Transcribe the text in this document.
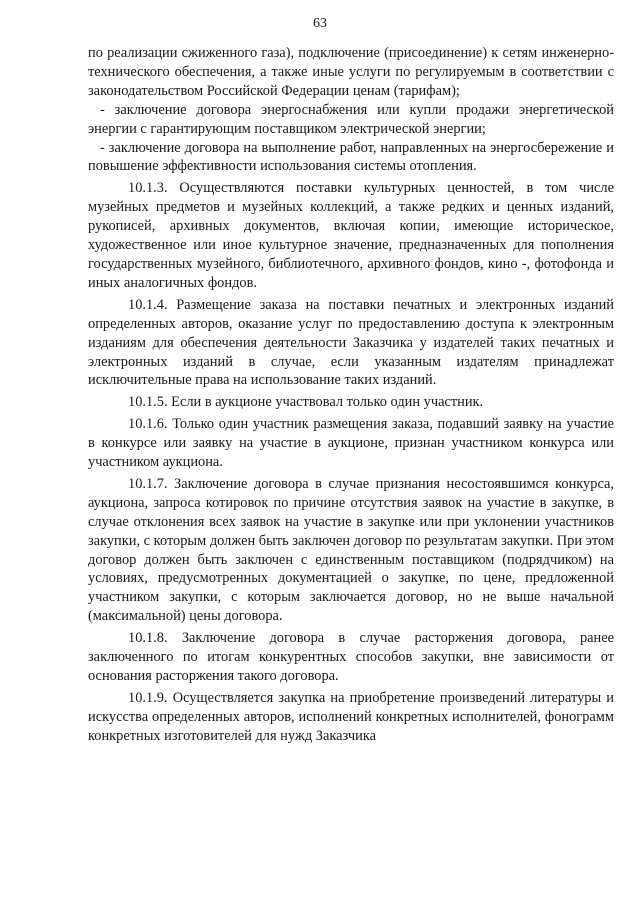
63

по реализации сжиженного газа), подключение (присоединение) к сетям инженерно-технического обеспечения, а также иные услуги по регулируемым в соответствии с законодательством Российской Федерации ценам (тарифам);

- заключение договора энергоснабжения или купли продажи энергетической энергии с гарантирующим поставщиком электрической энергии;

- заключение договора на выполнение работ, направленных на энергосбережение и повышение эффективности использования системы отопления.

10.1.3. Осуществляются поставки культурных ценностей, в том числе музейных предметов и музейных коллекций, а также редких и ценных изданий, рукописей, архивных документов, включая копии, имеющие историческое, художественное или иное культурное значение, предназначенных для пополнения государственных музейного, библиотечного, архивного фондов, кино -, фотофонда и иных аналогичных фондов.

10.1.4. Размещение заказа на поставки печатных и электронных изданий определенных авторов, оказание услуг по предоставлению доступа к электронным изданиям для обеспечения деятельности Заказчика у издателей таких печатных и электронных изданий в случае, если указанным издателям принадлежат исключительные права на использование таких изданий.

10.1.5. Если в аукционе участвовал только один участник.

10.1.6. Только один участник размещения заказа, подавший заявку на участие в конкурсе или заявку на участие в аукционе, признан участником конкурса или участником аукциона.

10.1.7. Заключение договора в случае признания несостоявшимся конкурса, аукциона, запроса котировок по причине отсутствия заявок на участие в закупке, в случае отклонения всех заявок на участие в закупке или при уклонении участников закупки, с которым должен быть заключен договор по результатам закупки. При этом договор должен быть заключен с единственным поставщиком (подрядчиком) на условиях, предусмотренных документацией о закупке, по цене, предложенной участником закупки, с которым заключается договор, но не выше начальной (максимальной) цены договора.

10.1.8. Заключение договора в случае расторжения договора, ранее заключенного по итогам конкурентных способов закупки, вне зависимости от основания расторжения такого договора.

10.1.9. Осуществляется закупка на приобретение произведений литературы и искусства определенных авторов, исполнений конкретных исполнителей, фонограмм конкретных изготовителей для нужд Заказчика
